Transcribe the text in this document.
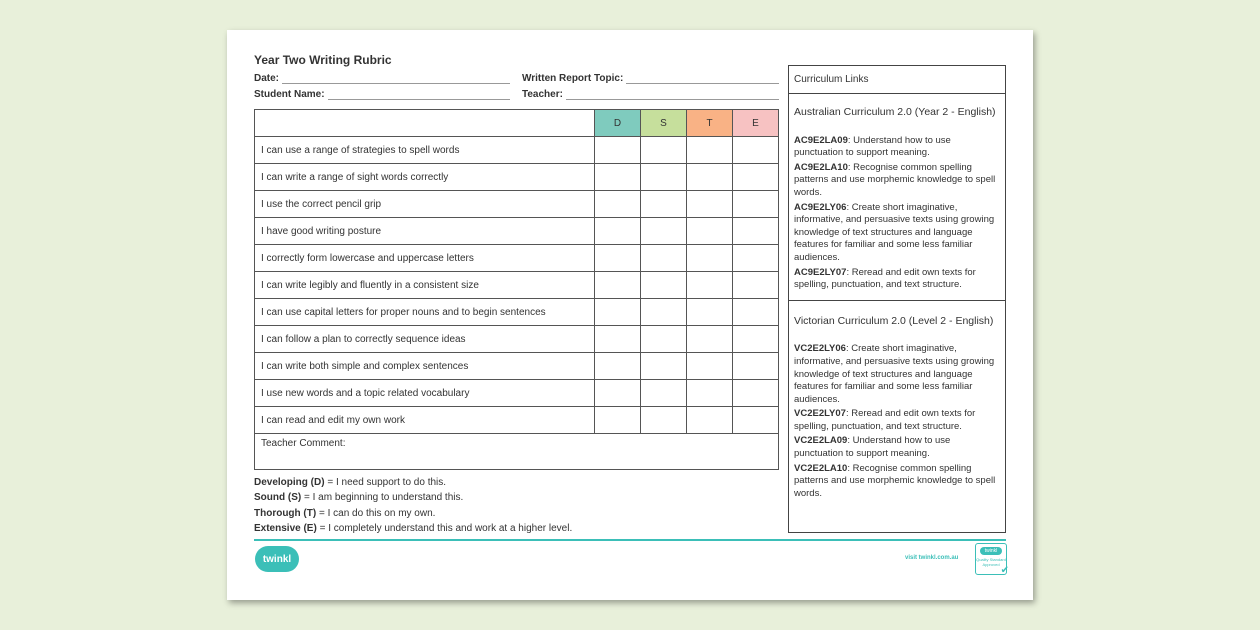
Year Two Writing Rubric
Date:
Student Name:
Written Report Topic:
Teacher:
	D	S	T	E
I can use a range of strategies to spell words				
I can write a range of sight words correctly				
I use the correct pencil grip				
I have good writing posture				
I correctly form lowercase and uppercase letters				
I can write legibly and fluently in a consistent size				
I can use capital letters for proper nouns and to begin sentences				
I can follow a plan to correctly sequence ideas				
I can write both simple and complex sentences				
I use new words and a topic related vocabulary				
I can read and edit my own work				
Teacher Comment:				
Developing (D) = I need support to do this.
Sound (S) = I am beginning to understand this.
Thorough (T) = I can do this on my own.
Extensive (E) = I completely understand this and work at a higher level.
Curriculum Links
Australian Curriculum 2.0 (Year 2 - English)

AC9E2LA09: Understand how to use punctuation to support meaning.

AC9E2LA10: Recognise common spelling patterns and use morphemic knowledge to spell words.

AC9E2LY06: Create short imaginative, informative, and persuasive texts using growing knowledge of text structures and language features for familiar and some less familiar audiences.

AC9E2LY07: Reread and edit own texts for spelling, punctuation, and text structure.

Victorian Curriculum 2.0 (Level 2 - English)

VC2E2LY06: Create short imaginative, informative, and persuasive texts using growing knowledge of text structures and language features for familiar and some less familiar audiences.

VC2E2LY07: Reread and edit own texts for spelling, punctuation, and text structure.

VC2E2LA09: Understand how to use punctuation to support meaning.

VC2E2LA10: Recognise common spelling patterns and use morphemic knowledge to spell words.

twinkl	visit twinkl.com.au
twinkl
Quality Standard Approved
✔
